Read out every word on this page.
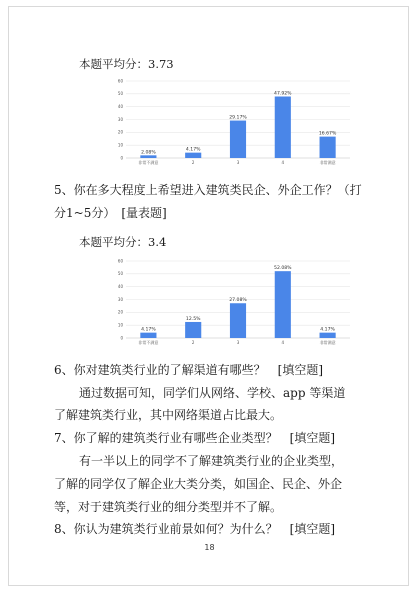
本题平均分：3.73
0
10
20
30
40
50
60
2.08%
非常不满意
4.17%
2
29.17%
3
47.92%
4
16.67%
非常满意
5、你在多大程度上希望进入建筑类民企、外企工作？（打
分1~5分）　[量表题]
本题平均分：3.4
0
10
20
30
40
50
60
4.17%
非常不满意
12.5%
2
27.08%
3
52.08%
4
4.17%
非常满意
6、你对建筑类行业的了解渠道有哪些？　[填空题]
通过数据可知，同学们从网络、学校、app 等渠道
了解建筑类行业，其中网络渠道占比最大。
7、你了解的建筑类行业有哪些企业类型？　[填空题]
有一半以上的同学不了解建筑类行业的企业类型，
了解的同学仅了解企业大类分类，如国企、民企、外企
等，对于建筑类行业的细分类型并不了解。
8、你认为建筑类行业前景如何？为什么？　[填空题]
18
